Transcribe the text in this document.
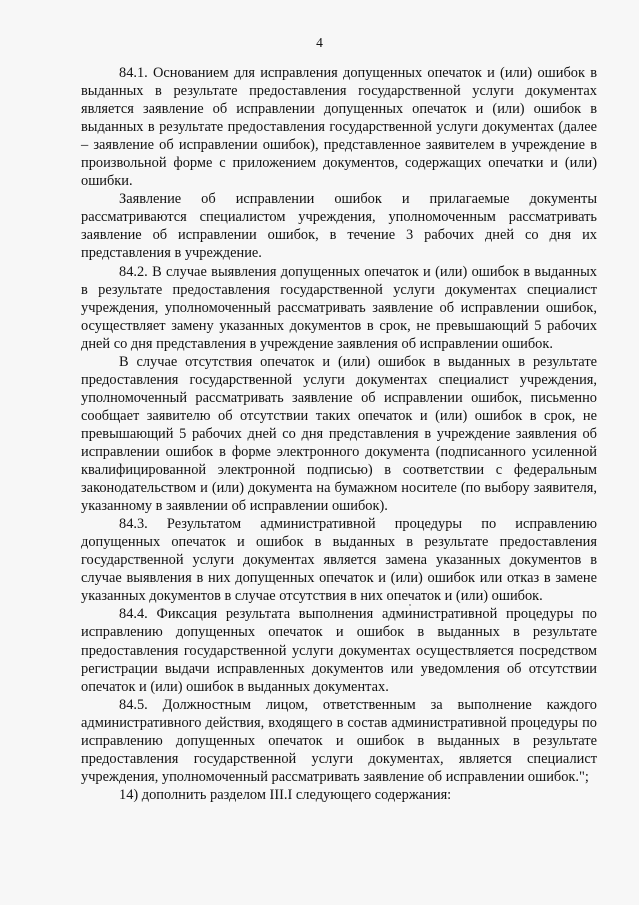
4

84.1. Основанием для исправления допущенных опечаток и (или) ошибок в выданных в результате предоставления государственной услуги документах является заявление об исправлении допущенных опечаток и (или) ошибок в выданных в результате предоставления государственной услуги документах (далее – заявление об исправлении ошибок), представленное заявителем в учреждение в произвольной форме с приложением документов, содержащих опечатки и (или) ошибки.

Заявление об исправлении ошибок и прилагаемые документы рассматриваются специалистом учреждения, уполномоченным рассматривать заявление об исправлении ошибок, в течение 3 рабочих дней со дня их представления в учреждение.

84.2. В случае выявления допущенных опечаток и (или) ошибок в выданных в результате предоставления государственной услуги документах специалист учреждения, уполномоченный рассматривать заявление об исправлении ошибок, осуществляет замену указанных документов в срок, не превышающий 5 рабочих дней со дня представления в учреждение заявления об исправлении ошибок.

В случае отсутствия опечаток и (или) ошибок в выданных в результате предоставления государственной услуги документах специалист учреждения, уполномоченный рассматривать заявление об исправлении ошибок, письменно сообщает заявителю об отсутствии таких опечаток и (или) ошибок в срок, не превышающий 5 рабочих дней со дня представления в учреждение заявления об исправлении ошибок в форме электронного документа (подписанного усиленной квалифицированной электронной подписью) в соответствии с федеральным законодательством и (или) документа на бумажном носителе (по выбору заявителя, указанному в заявлении об исправлении ошибок).

84.3. Результатом административной процедуры по исправлению допущенных опечаток и ошибок в выданных в результате предоставления государственной услуги документах является замена указанных документов в случае выявления в них допущенных опечаток и (или) ошибок или отказ в замене указанных документов в случае отсутствия в них опечаток и (или) ошибок.

84.4. Фиксация результата выполнения административной процедуры по исправлению допущенных опечаток и ошибок в выданных в результате предоставления государственной услуги документах осуществляется посредством регистрации выдачи исправленных документов или уведомления об отсутствии опечаток и (или) ошибок в выданных документах.

84.5. Должностным лицом, ответственным за выполнение каждого административного действия, входящего в состав административной процедуры по исправлению допущенных опечаток и ошибок в выданных в результате предоставления государственной услуги документах, является специалист учреждения, уполномоченный рассматривать заявление об исправлении ошибок.";

14) дополнить разделом III.I следующего содержания:
